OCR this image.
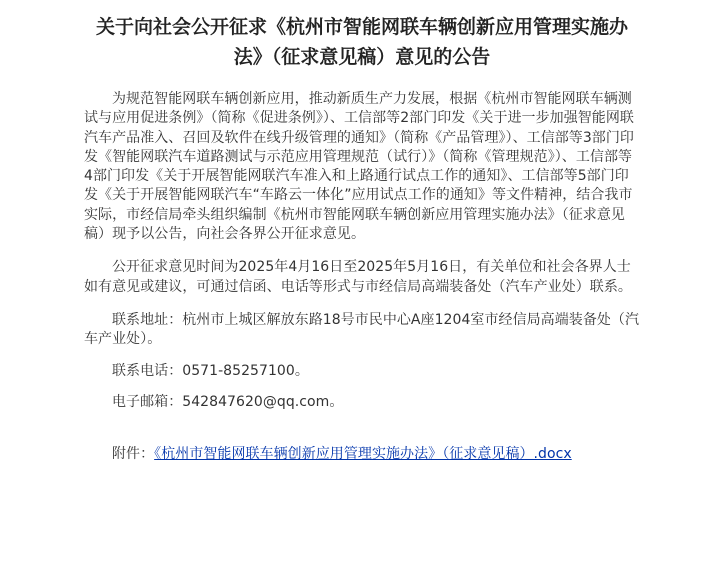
关于向社会公开征求《杭州市智能网联车辆创新应用管理实施办
法》（征求意见稿）意见的公告

为规范智能网联车辆创新应用，推动新质生产力发展，根据《杭州市智能网联车辆测试与应用促进条例》（简称《促进条例》）、工信部等2部门印发《关于进一步加强智能网联汽车产品准入、召回及软件在线升级管理的通知》（简称《产品管理》）、工信部等3部门印发《智能网联汽车道路测试与示范应用管理规范（试行）》（简称《管理规范》）、工信部等4部门印发《关于开展智能网联汽车准入和上路通行试点工作的通知》、工信部等5部门印发《关于开展智能网联汽车“车路云一体化”应用试点工作的通知》等文件精神，结合我市实际，市经信局牵头组织编制《杭州市智能网联车辆创新应用管理实施办法》（征求意见稿）现予以公告，向社会各界公开征求意见。

公开征求意见时间为2025年4月16日至2025年5月16日，有关单位和社会各界人士如有意见或建议，可通过信函、电话等形式与市经信局高端装备处（汽车产业处）联系。

联系地址：杭州市上城区解放东路18号市民中心A座1204室市经信局高端装备处（汽车产业处）。

联系电话：0571-85257100。

电子邮箱：542847620@qq.com。

附件：《杭州市智能网联车辆创新应用管理实施办法》（征求意见稿）.docx
